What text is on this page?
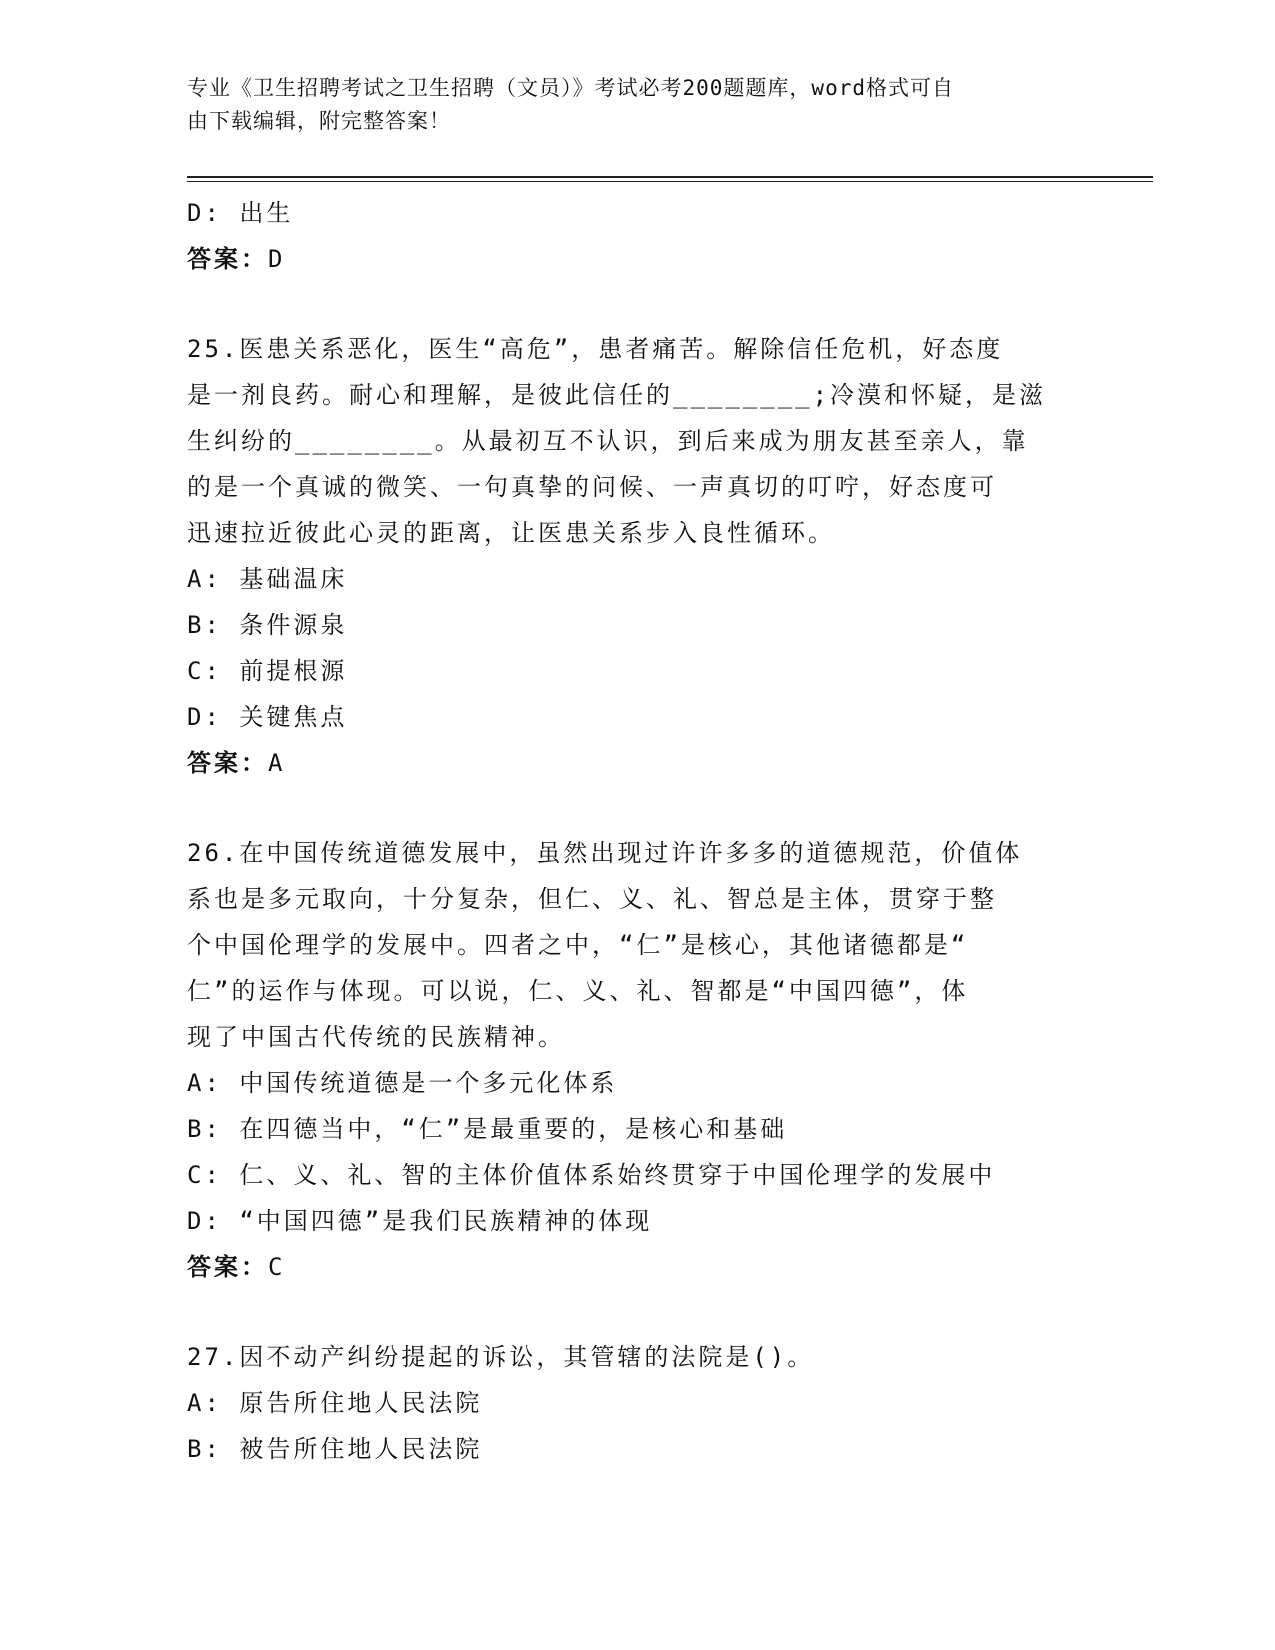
专业《卫生招聘考试之卫生招聘（文员）》考试必考200题题库，word格式可自
由下载编辑，附完整答案！
D: 出生
答案：D
25.医患关系恶化，医生“高危”，患者痛苦。解除信任危机，好态度
是一剂良药。耐心和理解，是彼此信任的________;冷漠和怀疑，是滋
生纠纷的________。从最初互不认识，到后来成为朋友甚至亲人，靠
的是一个真诚的微笑、一句真挚的问候、一声真切的叮咛，好态度可
迅速拉近彼此心灵的距离，让医患关系步入良性循环。
A: 基础温床
B: 条件源泉
C: 前提根源
D: 关键焦点
答案：A
26.在中国传统道德发展中，虽然出现过许许多多的道德规范，价值体
系也是多元取向，十分复杂，但仁、义、礼、智总是主体，贯穿于整
个中国伦理学的发展中。四者之中，“仁”是核心，其他诸德都是“
仁”的运作与体现。可以说，仁、义、礼、智都是“中国四德”，体
现了中国古代传统的民族精神。
A: 中国传统道德是一个多元化体系
B: 在四德当中，“仁”是最重要的，是核心和基础
C: 仁、义、礼、智的主体价值体系始终贯穿于中国伦理学的发展中
D: “中国四德”是我们民族精神的体现
答案：C
27.因不动产纠纷提起的诉讼，其管辖的法院是()。
A: 原告所住地人民法院
B: 被告所住地人民法院
